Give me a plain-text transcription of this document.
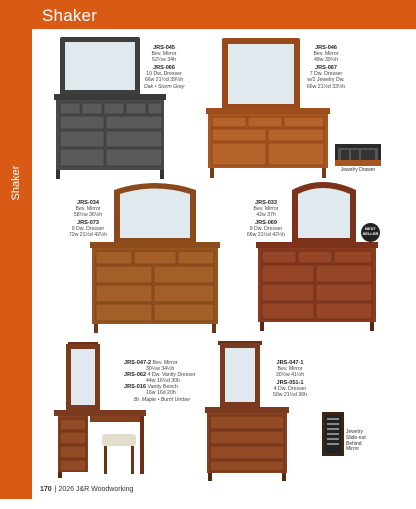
Shaker
Shaker
JRS-045
Bev. Mirror
52¼w 34h
JRS-066
10 Dw. Dresser
66w 21½d 39½h
Oak • Storm Grey
JRS-046
Bev. Mirror
48w 39½h
JRS-067
7 Dw. Dresser
w/2 Jewelry Dw.
66w 21½d 33½h
Jewelry Drawer
JRS-034
Bev. Mirror
58½w 36½h
JRS-073
9 Dw. Dresser
72w 21½d 42½h
JRS-033
Bev. Mirror
42w 37h
JRS-069
9 Dw. Dresser
66w 21½d 42¼h
BEST
SELLER
JRS-047-2 Bev. Mirror
30½w 34½h
JRS-062 4 Dw. Vanity Dresser
44w 16½d 30h
JRS-016 Vanity Bench
16w 16d 20h
Br. Maple • Burnt Umber
JRS-047-1
Bev. Mirror
30½w 41½h
JRS-051-1
4 Dw. Dresser
50w 21½d 36h
Jewelry
Slide-out
Behind
Mirror
170 | 2026 J&R Woodworking
